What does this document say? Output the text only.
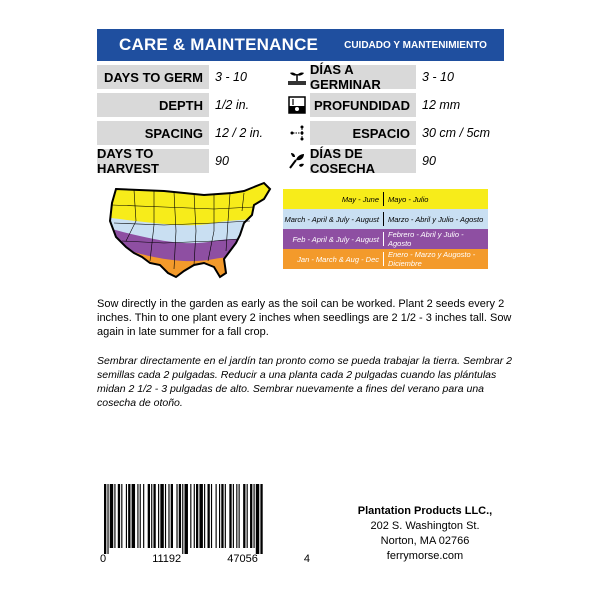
CARE & MAINTENANCE	CUIDADO Y MANTENIMIENTO
DAYS TO GERM 3 - 10	DÍAS A GERMINAR	3 - 10
DEPTH 1/2 in.	PROFUNDIDAD 12 mm
SPACING 12 / 2 in.	ESPACIO 30 cm / 5cm
DAYS TO HARVEST	90	DÍAS DE COSECHA	90
May - June	Mayo - Julio
March - April & July - August	Marzo - Abril y Julio - Agosto
Feb - April & July - August	Febrero - Abril y Julio - Agosto
Jan - March & Aug - Dec	Enero - Marzo y Augosto - Diciembre
Sow directly in the garden as early as the soil can be worked. Plant 2 seeds every 2 inches. Thin to one plant every 2 inches when seedlings are 2 1/2 - 3 inches tall. Sow again in late summer for a fall crop.
Sembrar directamente en el jardín tan pronto como se pueda trabajar la tierra. Sembrar 2 semillas cada 2 pulgadas. Reducir a una planta cada 2 pulgadas cuando las plántulas midan 2 1/2 - 3 pulgadas de alto. Sembrar nuevamente a fines del verano para una cosecha de otoño.
0	11192	47056	4
Plantation Products LLC.,
202 S. Washington St.
Norton, MA 02766
ferrymorse.com
